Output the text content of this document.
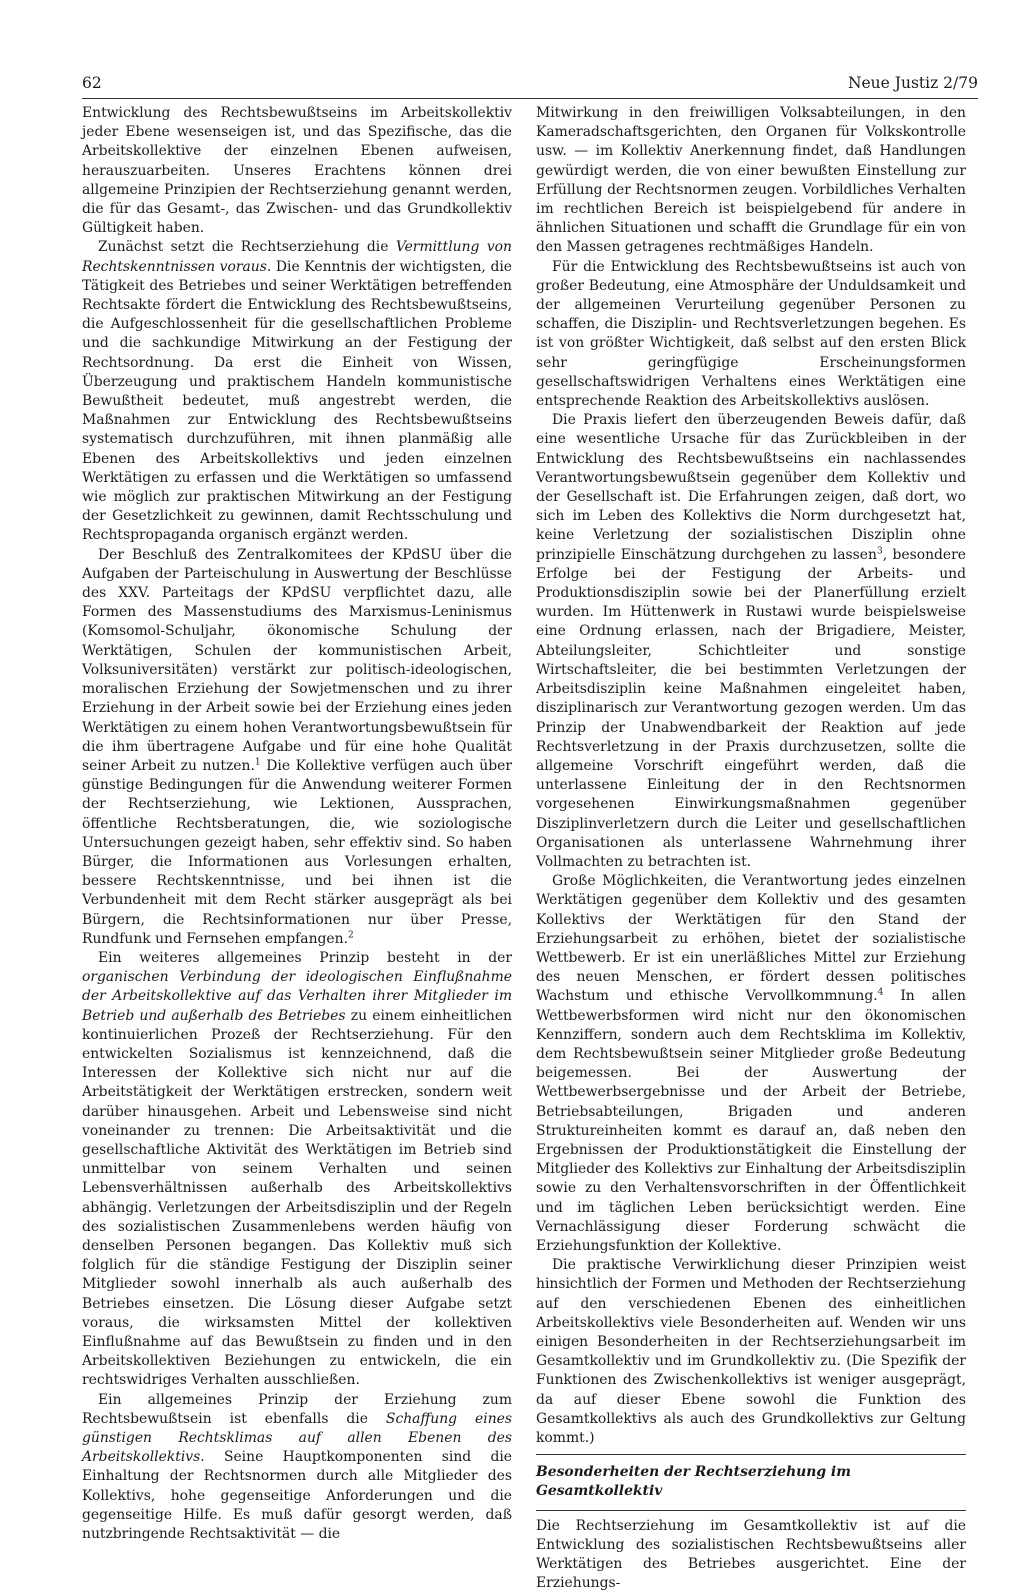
62	Neue Justiz 2/79

Entwicklung des Rechtsbewußtseins im Arbeitskollektiv jeder Ebene wesenseigen ist, und das Spezifische, das die Arbeitskollektive der einzelnen Ebenen aufweisen, herauszuarbeiten. Unseres Erachtens können drei allgemeine Prinzipien der Rechtserziehung genannt werden, die für das Gesamt-, das Zwischen- und das Grundkollektiv Gültigkeit haben.

Zunächst setzt die Rechtserziehung die Vermittlung von Rechtskenntnissen voraus. Die Kenntnis der wichtigsten, die Tätigkeit des Betriebes und seiner Werktätigen betreffenden Rechtsakte fördert die Entwicklung des Rechtsbewußtseins, die Aufgeschlossenheit für die gesellschaftlichen Probleme und die sachkundige Mitwirkung an der Festigung der Rechtsordnung. Da erst die Einheit von Wissen, Überzeugung und praktischem Handeln kommunistische Bewußtheit bedeutet, muß angestrebt werden, die Maßnahmen zur Entwicklung des Rechtsbewußtseins systematisch durchzuführen, mit ihnen planmäßig alle Ebenen des Arbeitskollektivs und jeden einzelnen Werktätigen zu erfassen und die Werktätigen so umfassend wie möglich zur praktischen Mitwirkung an der Festigung der Gesetzlichkeit zu gewinnen, damit Rechtsschulung und Rechtspropaganda organisch ergänzt werden.

Der Beschluß des Zentralkomitees der KPdSU über die Aufgaben der Parteischulung in Auswertung der Beschlüsse des XXV. Parteitags der KPdSU verpflichtet dazu, alle Formen des Massenstudiums des Marxismus-Leninismus (Komsomol-Schuljahr, ökonomische Schulung der Werktätigen, Schulen der kommunistischen Arbeit, Volksuniversitäten) verstärkt zur politisch-ideologischen, moralischen Erziehung der Sowjetmenschen und zu ihrer Erziehung in der Arbeit sowie bei der Erziehung eines jeden Werktätigen zu einem hohen Verantwortungsbewußtsein für die ihm übertragene Aufgabe und für eine hohe Qualität seiner Arbeit zu nutzen.$^1$ Die Kollektive verfügen auch über günstige Bedingungen für die Anwendung weiterer Formen der Rechtserziehung, wie Lektionen, Aussprachen, öffentliche Rechtsberatungen, die, wie soziologische Untersuchungen gezeigt haben, sehr effektiv sind. So haben Bürger, die Informationen aus Vorlesungen erhalten, bessere Rechtskenntnisse, und bei ihnen ist die Verbundenheit mit dem Recht stärker ausgeprägt als bei Bürgern, die Rechtsinformationen nur über Presse, Rundfunk und Fernsehen empfangen.$^2$

Ein weiteres allgemeines Prinzip besteht in der organischen Verbindung der ideologischen Einflußnahme der Arbeitskollektive auf das Verhalten ihrer Mitglieder im Betrieb und außerhalb des Betriebes zu einem einheitlichen kontinuierlichen Prozeß der Rechtserziehung. Für den entwickelten Sozialismus ist kennzeichnend, daß die Interessen der Kollektive sich nicht nur auf die Arbeitstätigkeit der Werktätigen erstrecken, sondern weit darüber hinausgehen. Arbeit und Lebensweise sind nicht voneinander zu trennen: Die Arbeitsaktivität und die gesellschaftliche Aktivität des Werktätigen im Betrieb sind unmittelbar von seinem Verhalten und seinen Lebensverhältnissen außerhalb des Arbeitskollektivs abhängig. Verletzungen der Arbeitsdisziplin und der Regeln des sozialistischen Zusammenlebens werden häufig von denselben Personen begangen. Das Kollektiv muß sich folglich für die ständige Festigung der Disziplin seiner Mitglieder sowohl innerhalb als auch außerhalb des Betriebes einsetzen. Die Lösung dieser Aufgabe setzt voraus, die wirksamsten Mittel der kollektiven Einflußnahme auf das Bewußtsein zu finden und in den Arbeitskollektiven Beziehungen zu entwickeln, die ein rechtswidriges Verhalten ausschließen.

Ein allgemeines Prinzip der Erziehung zum Rechtsbewußtsein ist ebenfalls die Schaffung eines günstigen Rechtsklimas auf allen Ebenen des Arbeitskollektivs. Seine Hauptkomponenten sind die Einhaltung der Rechtsnormen durch alle Mitglieder des Kollektivs, hohe gegenseitige Anforderungen und die gegenseitige Hilfe. Es muß dafür gesorgt werden, daß nutzbringende Rechtsaktivität — die

Mitwirkung in den freiwilligen Volksabteilungen, in den Kameradschaftsgerichten, den Organen für Volkskontrolle usw. — im Kollektiv Anerkennung findet, daß Handlungen gewürdigt werden, die von einer bewußten Einstellung zur Erfüllung der Rechtsnormen zeugen. Vorbildliches Verhalten im rechtlichen Bereich ist beispielgebend für andere in ähnlichen Situationen und schafft die Grundlage für ein von den Massen getragenes rechtmäßiges Handeln.

Für die Entwicklung des Rechtsbewußtseins ist auch von großer Bedeutung, eine Atmosphäre der Unduldsamkeit und der allgemeinen Verurteilung gegenüber Personen zu schaffen, die Disziplin- und Rechtsverletzungen begehen. Es ist von größter Wichtigkeit, daß selbst auf den ersten Blick sehr geringfügige Erscheinungsformen gesellschaftswidrigen Verhaltens eines Werktätigen eine entsprechende Reaktion des Arbeitskollektivs auslösen.

Die Praxis liefert den überzeugenden Beweis dafür, daß eine wesentliche Ursache für das Zurückbleiben in der Entwicklung des Rechtsbewußtseins ein nachlassendes Verantwortungsbewußtsein gegenüber dem Kollektiv und der Gesellschaft ist. Die Erfahrungen zeigen, daß dort, wo sich im Leben des Kollektivs die Norm durchgesetzt hat, keine Verletzung der sozialistischen Disziplin ohne prinzipielle Einschätzung durchgehen zu lassen$^3$, besondere Erfolge bei der Festigung der Arbeits- und Produktionsdisziplin sowie bei der Planerfüllung erzielt wurden. Im Hüttenwerk in Rustawi wurde beispielsweise eine Ordnung erlassen, nach der Brigadiere, Meister, Abteilungsleiter, Schichtleiter und sonstige Wirtschaftsleiter, die bei bestimmten Verletzungen der Arbeitsdisziplin keine Maßnahmen eingeleitet haben, disziplinarisch zur Verantwortung gezogen werden. Um das Prinzip der Unabwendbarkeit der Reaktion auf jede Rechtsverletzung in der Praxis durchzusetzen, sollte die allgemeine Vorschrift eingeführt werden, daß die unterlassene Einleitung der in den Rechtsnormen vorgesehenen Einwirkungsmaßnahmen gegenüber Disziplinverletzern durch die Leiter und gesellschaftlichen Organisationen als unterlassene Wahrnehmung ihrer Vollmachten zu betrachten ist.

Große Möglichkeiten, die Verantwortung jedes einzelnen Werktätigen gegenüber dem Kollektiv und des gesamten Kollektivs der Werktätigen für den Stand der Erziehungsarbeit zu erhöhen, bietet der sozialistische Wettbewerb. Er ist ein unerläßliches Mittel zur Erziehung des neuen Menschen, er fördert dessen politisches Wachstum und ethische Vervollkommnung.$^4$ In allen Wettbewerbsformen wird nicht nur den ökonomischen Kennziffern, sondern auch dem Rechtsklima im Kollektiv, dem Rechtsbewußtsein seiner Mitglieder große Bedeutung beigemessen. Bei der Auswertung der Wettbewerbsergebnisse und der Arbeit der Betriebe, Betriebsabteilungen, Brigaden und anderen Struktureinheiten kommt es darauf an, daß neben den Ergebnissen der Produktionstätigkeit die Einstellung der Mitglieder des Kollektivs zur Einhaltung der Arbeitsdisziplin sowie zu den Verhaltensvorschriften in der Öffentlichkeit und im täglichen Leben berücksichtigt werden. Eine Vernachlässigung dieser Forderung schwächt die Erziehungsfunktion der Kollektive.

Die praktische Verwirklichung dieser Prinzipien weist hinsichtlich der Formen und Methoden der Rechtserziehung auf den verschiedenen Ebenen des einheitlichen Arbeitskollektivs viele Besonderheiten auf. Wenden wir uns einigen Besonderheiten in der Rechtserziehungsarbeit im Gesamtkollektiv und im Grundkollektiv zu. (Die Spezifik der Funktionen des Zwischenkollektivs ist weniger ausgeprägt, da auf dieser Ebene sowohl die Funktion des Gesamtkollektivs als auch des Grundkollektivs zur Geltung kommt.)

Besonderheiten der Rechtserziehung im Gesamtkollektiv

Die Rechtserziehung im Gesamtkollektiv ist auf die Entwicklung des sozialistischen Rechtsbewußtseins aller Werktätigen des Betriebes ausgerichtet. Eine der Erziehungs-
